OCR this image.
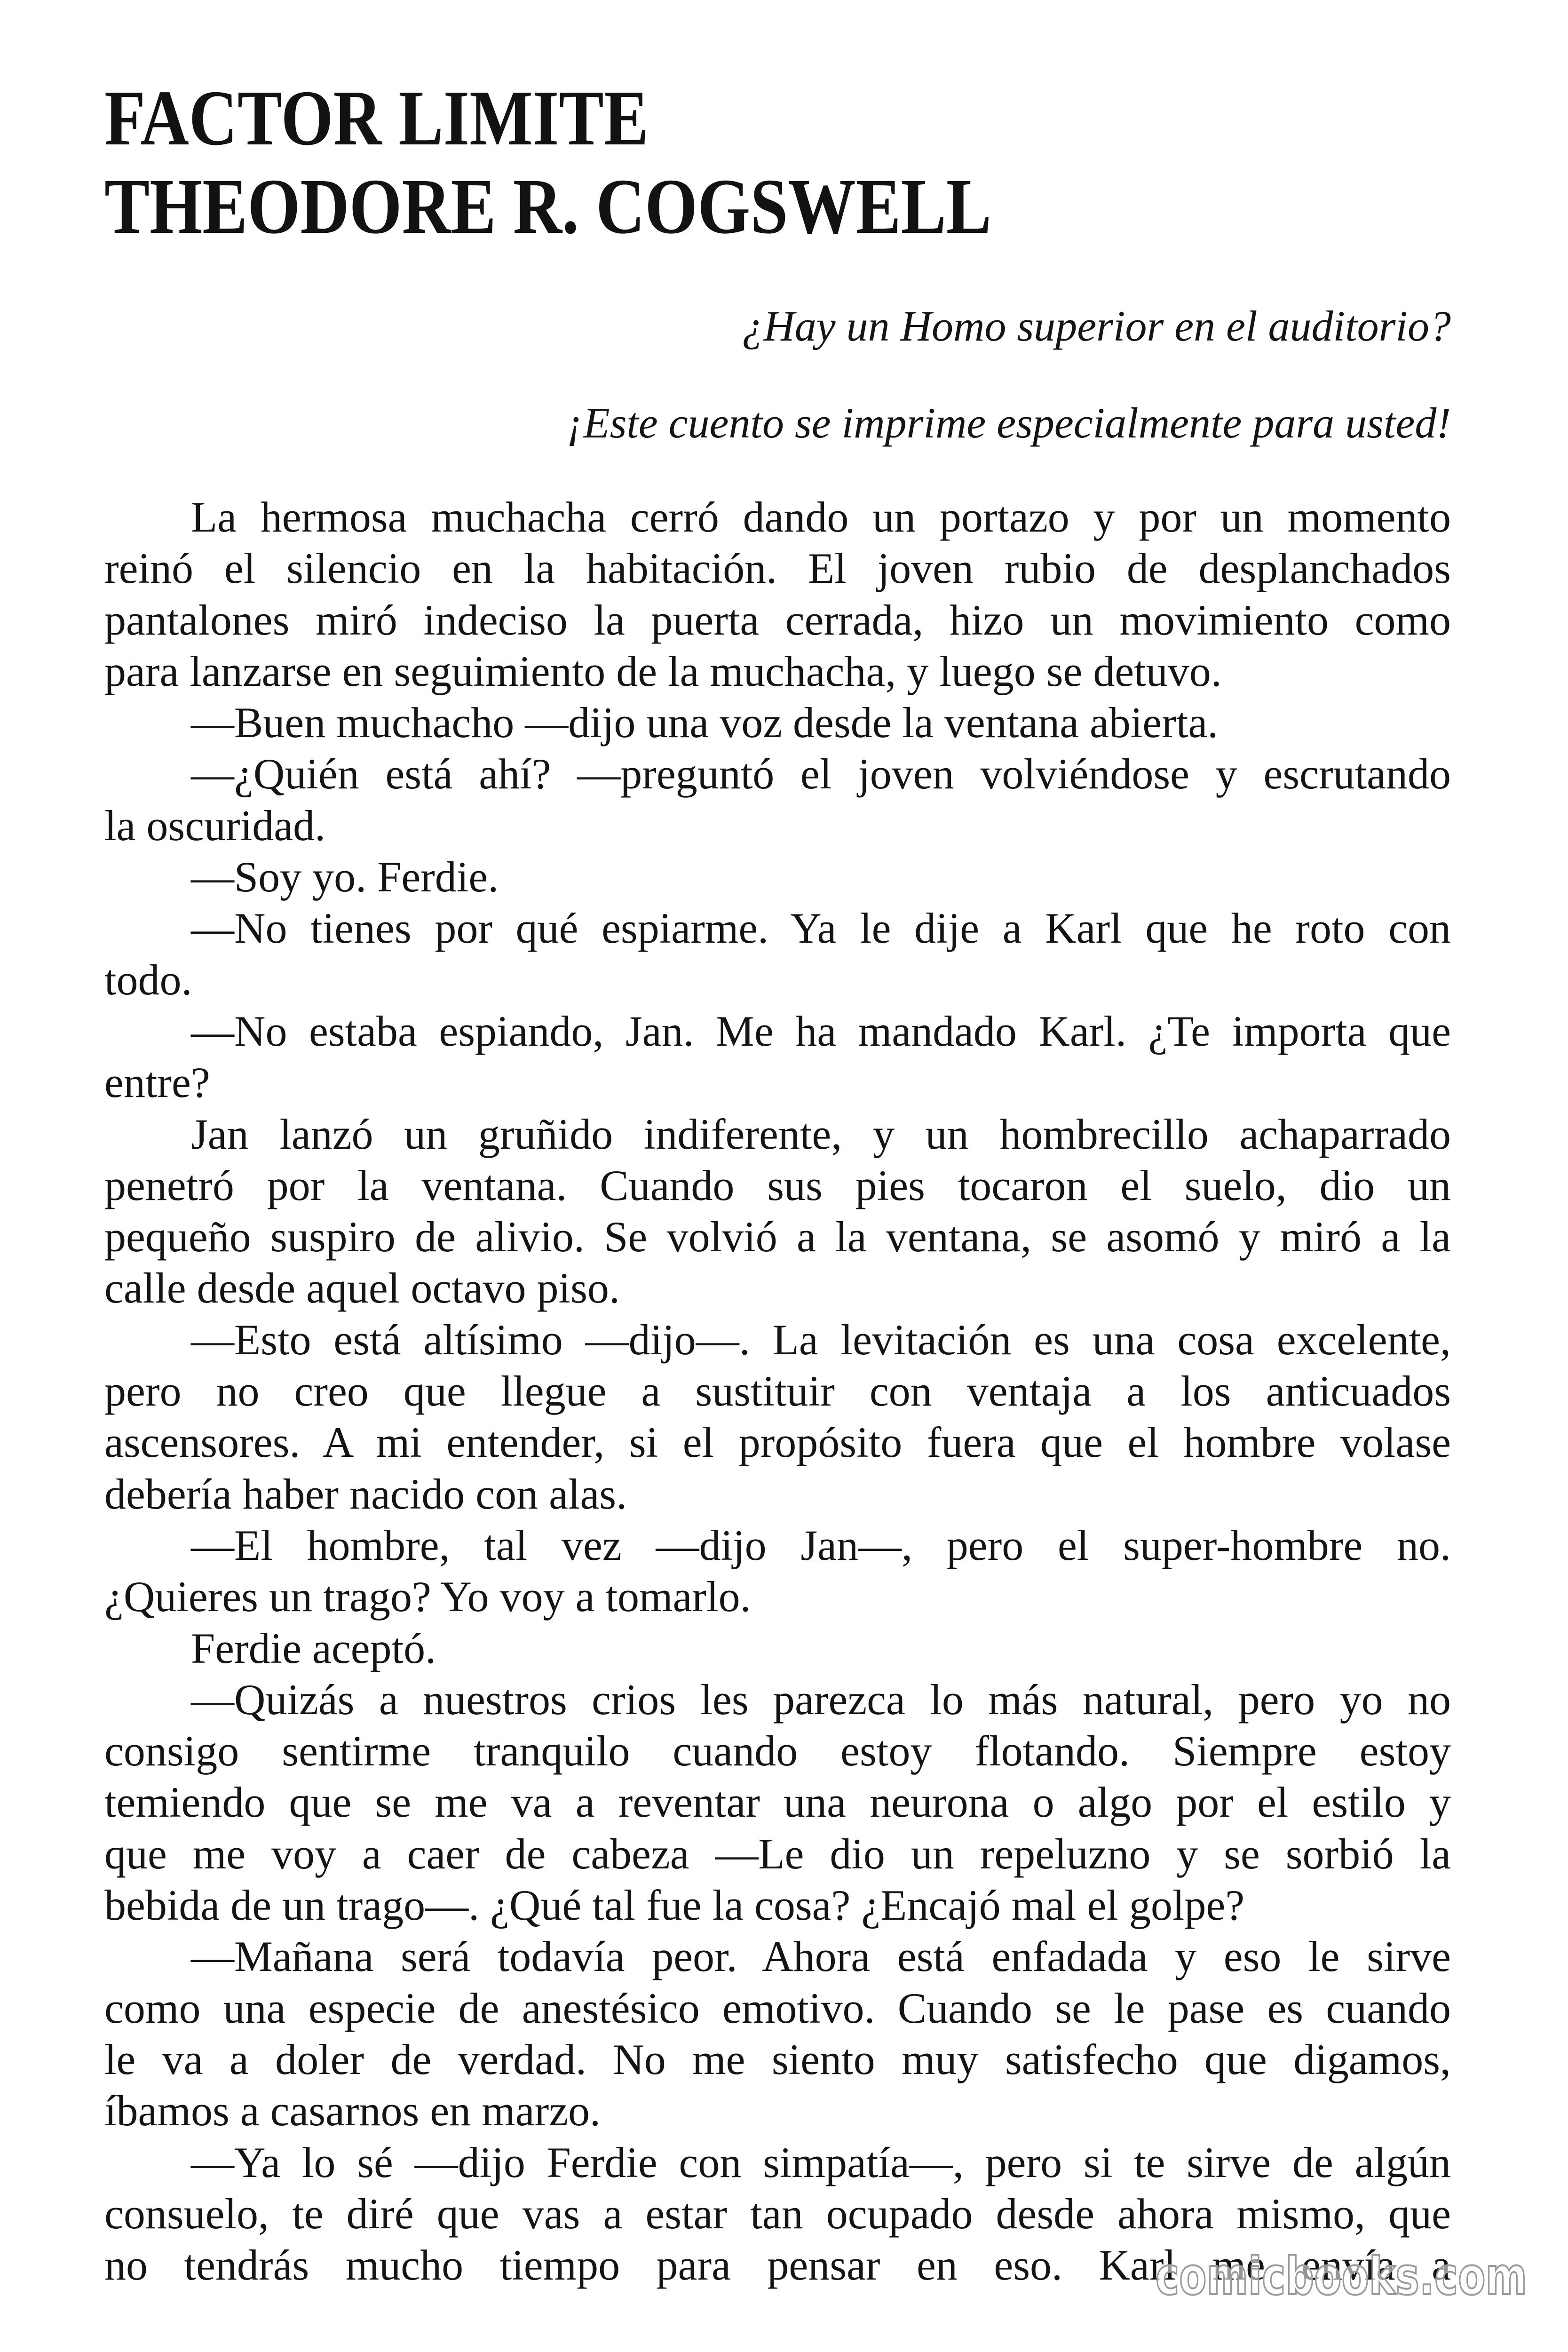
FACTOR LIMITE
THEODORE R. COGSWELL
¿Hay un Homo superior en el auditorio?
¡Este cuento se imprime especialmente para usted!
La hermosa muchacha cerró dando un portazo y por un momento
reinó el silencio en la habitación. El joven rubio de desplanchados
pantalones miró indeciso la puerta cerrada, hizo un movimiento como
para lanzarse en seguimiento de la muchacha, y luego se detuvo.
—Buen muchacho —dijo una voz desde la ventana abierta.
—¿Quién está ahí? —preguntó el joven volviéndose y escrutando
la oscuridad.
—Soy yo. Ferdie.
—No tienes por qué espiarme. Ya le dije a Karl que he roto con
todo.
—No estaba espiando, Jan. Me ha mandado Karl. ¿Te importa que
entre?
Jan lanzó un gruñido indiferente, y un hombrecillo achaparrado
penetró por la ventana. Cuando sus pies tocaron el suelo, dio un
pequeño suspiro de alivio. Se volvió a la ventana, se asomó y miró a la
calle desde aquel octavo piso.
—Esto está altísimo —dijo—. La levitación es una cosa excelente,
pero no creo que llegue a sustituir con ventaja a los anticuados
ascensores. A mi entender, si el propósito fuera que el hombre volase
debería haber nacido con alas.
—El hombre, tal vez —dijo Jan—, pero el super-hombre no.
¿Quieres un trago? Yo voy a tomarlo.
Ferdie aceptó.
—Quizás a nuestros crios les parezca lo más natural, pero yo no
consigo sentirme tranquilo cuando estoy flotando. Siempre estoy
temiendo que se me va a reventar una neurona o algo por el estilo y
que me voy a caer de cabeza —Le dio un repeluzno y se sorbió la
bebida de un trago—. ¿Qué tal fue la cosa? ¿Encajó mal el golpe?
—Mañana será todavía peor. Ahora está enfadada y eso le sirve
como una especie de anestésico emotivo. Cuando se le pase es cuando
le va a doler de verdad. No me siento muy satisfecho que digamos,
íbamos a casarnos en marzo.
—Ya lo sé —dijo Ferdie con simpatía—, pero si te sirve de algún
consuelo, te diré que vas a estar tan ocupado desde ahora mismo, que
no tendrás mucho tiempo para pensar en eso. Karl me envía a
comicbooks.com
